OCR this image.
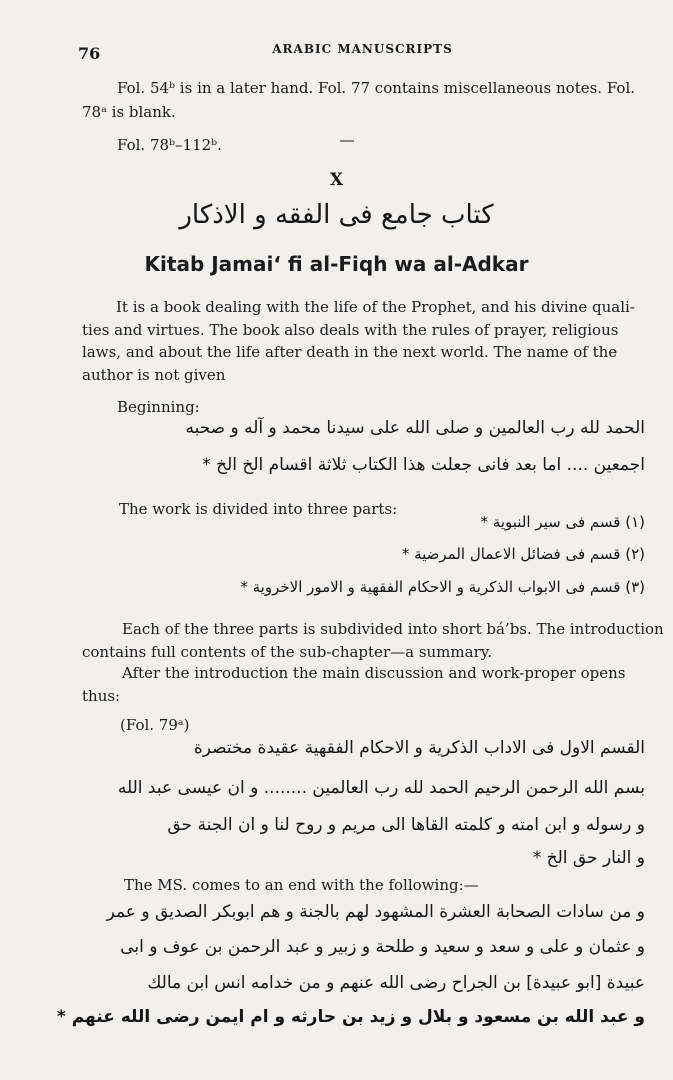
76	ARABIC MANUSCRIPTS
Fol. 54ᵇ is in a later hand. Fol. 77 contains miscellaneous notes. Fol.
78ᵃ is blank.
Fol. 78ᵇ–112ᵇ.
X
كتاب جامع فى الفقه و الاذكار
Kitab Jamai‘ fi al-Fiqh wa al-Adkar
It is a book dealing with the life of the Prophet, and his divine quali-
ties and virtues. The book also deals with the rules of prayer, religious
laws, and about the life after death in the next world. The name of the
author is not given
Beginning:
الحمد لله رب العالمين و صلى الله على سيدنا محمد و آله و صحبه
اجمعين .... اما بعد فانى جعلت هذا الكتاب ثلاثة اقسام الخ الخ *
The work is divided into three parts:
(١) قسم فى سير النبوية *
(٢) قسم فى فضائل الاعمال المرضية *
(٣) قسم فى الابواب الذكرية و الاحكام الفقهية و الامور الاخروية *
Each of the three parts is subdivided into short bá’bs. The introduction
contains full contents of the sub-chapter—a summary.
After the introduction the main discussion and work-proper opens
thus:
(Fol. 79ᵃ)
القسم الاول فى الاداب الذكرية و الاحكام الفقهية عقيدة مختصرة
بسم الله الرحمن الرحيم الحمد لله رب العالمين ........ و ان عيسى عبد الله
و رسوله و ابن امته و كلمته القاها الى مريم و روح لنا و ان الجنة حق
و النار حق الخ *
The MS. comes to an end with the following:—
و من سادات الصحابة العشرة المشهود لهم بالجنة و هم ابوبكر الصديق و عمر
و عثمان و على و سعد و سعيد و طلحة و زبير و عبد الرحمن بن عوف و ابى
عبيدة [ابو عبيدة] بن الجراح رضى الله عنهم و من خدامه انس ابن مالك
و عبد الله بن مسعود و بلال و زيد بن حارثه و ام ايمن رضى الله عنهم *
